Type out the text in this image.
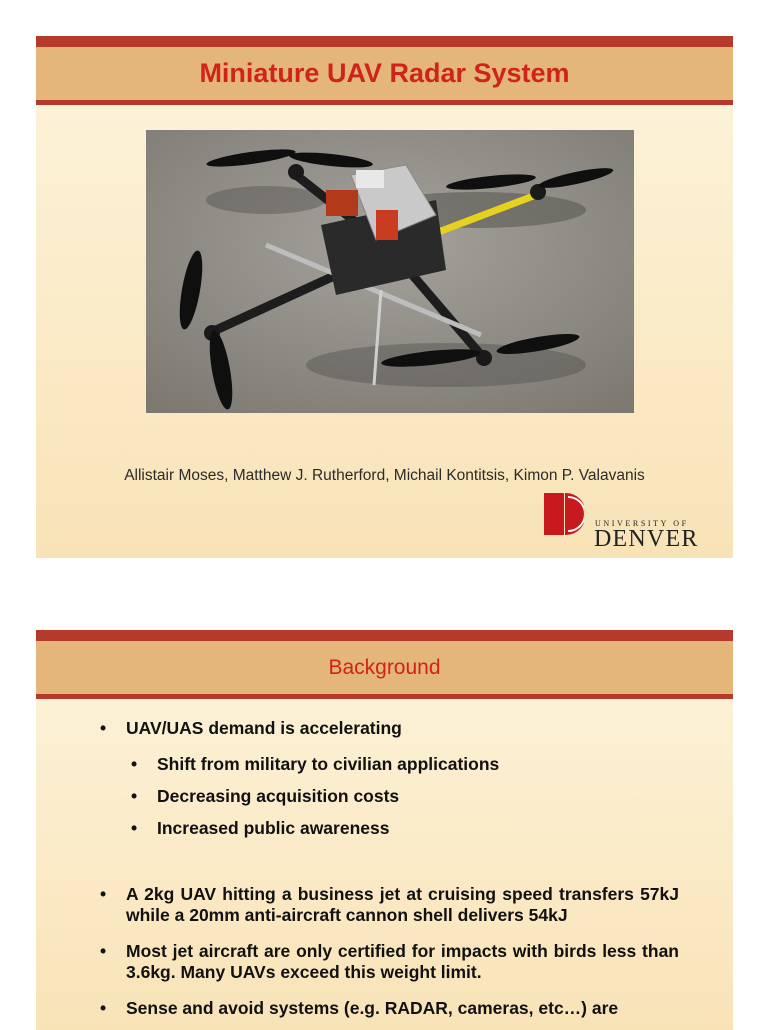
Miniature UAV Radar System

Allistair Moses, Matthew J. Rutherford, Michail Kontitsis, Kimon P. Valavanis

UNIVERSITY OF
DENVER
Background
• UAV/UAS demand is accelerating
• Shift from military to civilian applications
• Decreasing acquisition costs
• Increased public awareness
• A 2kg UAV hitting a business jet at cruising speed transfers 57kJ while a 20mm anti-aircraft cannon shell delivers 54kJ
• Most jet aircraft are only certified for impacts with birds less than 3.6kg. Many UAVs exceed this weight limit.
• Sense and avoid systems (e.g. RADAR, cameras, etc…) are
